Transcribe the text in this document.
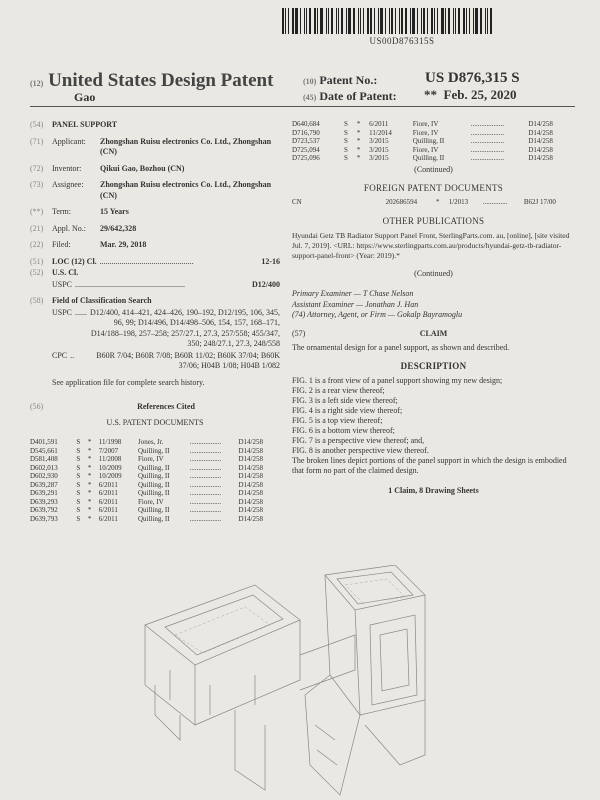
US00D876315S
(12) United States Design Patent
Gao
(10) Patent No.:	US D876,315 S
(45) Date of Patent: ** Feb. 25, 2020
(54)	PANEL SUPPORT
(71)	Applicant:	Zhongshan Ruisu electronics Co. Ltd., Zhongshan (CN)
(72)	Inventor:	Qikui Gao, Bozhou (CN)
(73)	Assignee:	Zhongshan Ruisu electronics Co. Ltd., Zhongshan (CN)
(**)	Term:	15 Years
(21)	Appl. No.:	29/642,328
(22)	Filed:	Mar. 29, 2018
(51)	LOC (12) Cl. ...............................................	12-16
(52)	U.S. Cl.
USPC .......................................................	D12/400
(58)	Field of Classification Search
USPC ...... D12/400, 414–421, 424–426, 190–192, D12/195, 106, 345, 96, 99; D14/496, D14/498–506, 154, 157, 168–171, D14/188–198, 257–258; 257/27.1, 27.3, 257/558; 455/347, 350; 248/27.1, 27.3, 248/558
CPC ..	B60R 7/04; B60R 7/08; B60R 11/02; B60K 37/04; B60K 37/06; H04B 1/08; H04B 1/082
See application file for complete search history.
(56)	References Cited
U.S. PATENT DOCUMENTS
D401,591	S	*	11/1998	Jones, Jr.	..................	D14/258
D545,661	S	*	7/2007	Quilling, II	..................	D14/258
D581,408	S	*	11/2008	Fiore, IV	..................	D14/258
D602,013	S	*	10/2009	Quilling, II	..................	D14/258
D602,930	S	*	10/2009	Quilling, II	..................	D14/258
D639,287	S	*	6/2011	Quilling, II	..................	D14/258
D639,291	S	*	6/2011	Quilling, II	..................	D14/258
D639,293	S	*	6/2011	Fiore, IV	..................	D14/258
D639,792	S	*	6/2011	Quilling, II	..................	D14/258
D639,793	S	*	6/2011	Quilling, II	..................	D14/258
D640,684	S	*	6/2011	Fiore, IV	...................	D14/258
D716,790	S	*	11/2014	Fiore, IV	...................	D14/258
D723,537	S	*	3/2015	Quilling, II	...................	D14/258
D725,094	S	*	3/2015	Fiore, IV	...................	D14/258
D725,096	S	*	3/2015	Quilling, II	...................	D14/258
(Continued)
FOREIGN PATENT DOCUMENTS
CN	202686594	*	1/2013	..............	B62J 17/00
OTHER PUBLICATIONS

Hyundai Getz TB Radiator Support Panel Front, SterlingParts.com. au, [online], [site visited Jul. 7, 2019]. <URL: https://www.sterlingparts.com.au/products/hyundai-getz-tb-radiator-support-panel-front> (Year: 2019).*

(Continued)
Primary Examiner — T Chase Nelson
Assistant Examiner — Jonathan J. Han
(74) Attorney, Agent, or Firm — Gokalp Bayramoglu
(57)	CLAIM

The ornamental design for a panel support, as shown and described.

DESCRIPTION
FIG. 1 is a front view of a panel support showing my new design;
FIG. 2 is a rear view thereof;
FIG. 3 is a left side view thereof;
FIG. 4 is a right side view thereof;
FIG. 5 is a top view thereof;
FIG. 6 is a bottom view thereof;
FIG. 7 is a perspective view thereof; and,
FIG. 8 is another perspective view thereof.
The broken lines depict portions of the panel support in which the design is embodied that form no part of the claimed design.
1 Claim, 8 Drawing Sheets
